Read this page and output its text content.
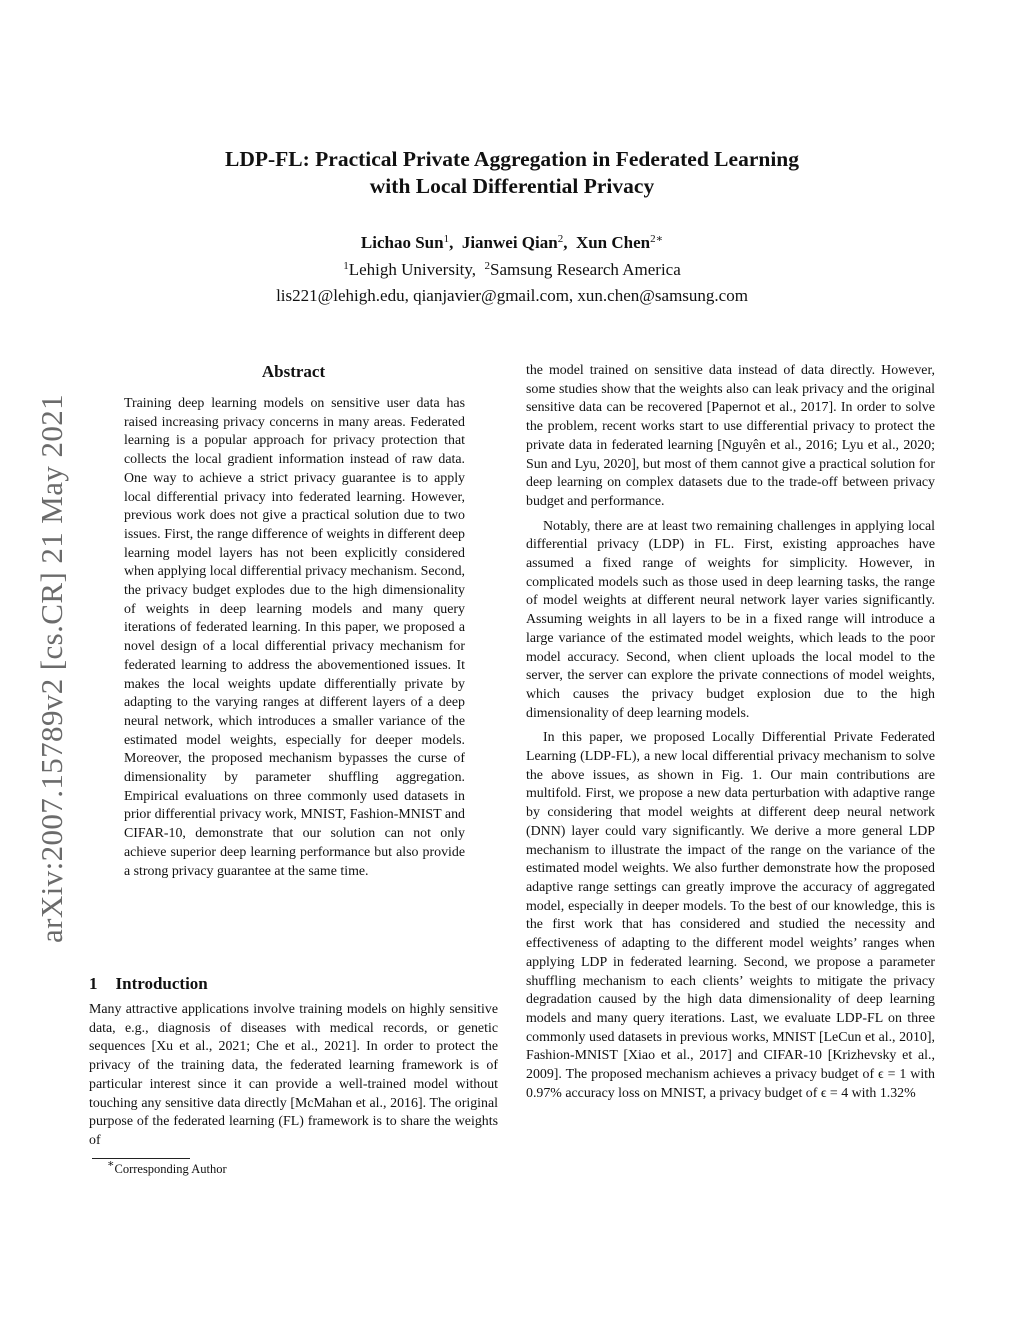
LDP-FL: Practical Private Aggregation in Federated Learning
with Local Differential Privacy
Lichao Sun$^1$,  Jianwei Qian$^2$,  Xun Chen$^{2∗}$
$^1$Lehigh University,  $^2$Samsung Research America
lis221@lehigh.edu, qianjavier@gmail.com, xun.chen@samsung.com
arXiv:2007.15789v2 [cs.CR] 21 May 2021
Abstract
Training deep learning models on sensitive user data has raised increasing privacy concerns in many areas. Federated learning is a popular approach for privacy protection that collects the local gradient information instead of raw data. One way to achieve a strict privacy guarantee is to apply local differential privacy into federated learning. However, previous work does not give a practical solution due to two issues. First, the range difference of weights in different deep learning model layers has not been explicitly considered when applying local differential privacy mechanism. Second, the privacy budget explodes due to the high dimensionality of weights in deep learning models and many query iterations of federated learning. In this paper, we proposed a novel design of a local differential privacy mechanism for federated learning to address the abovementioned issues. It makes the local weights update differentially private by adapting to the varying ranges at different layers of a deep neural network, which introduces a smaller variance of the estimated model weights, especially for deeper models. Moreover, the proposed mechanism bypasses the curse of dimensionality by parameter shuffling aggregation. Empirical evaluations on three commonly used datasets in prior differential privacy work, MNIST, Fashion-MNIST and CIFAR-10, demonstrate that our solution can not only achieve superior deep learning performance but also provide a strong privacy guarantee at the same time.
1 Introduction
Many attractive applications involve training models on highly sensitive data, e.g., diagnosis of diseases with medical records, or genetic sequences [Xu et al., 2021; Che et al., 2021]. In order to protect the privacy of the training data, the federated learning framework is of particular interest since it can provide a well-trained model without touching any sensitive data directly [McMahan et al., 2016]. The original purpose of the federated learning (FL) framework is to share the weights of
∗Corresponding Author

the model trained on sensitive data instead of data directly. However, some studies show that the weights also can leak privacy and the original sensitive data can be recovered [Papernot et al., 2017]. In order to solve the problem, recent works start to use differential privacy to protect the private data in federated learning [Nguyên et al., 2016; Lyu et al., 2020; Sun and Lyu, 2020], but most of them cannot give a practical solution for deep learning on complex datasets due to the trade-off between privacy budget and performance.

Notably, there are at least two remaining challenges in applying local differential privacy (LDP) in FL. First, existing approaches have assumed a fixed range of weights for simplicity. However, in complicated models such as those used in deep learning tasks, the range of model weights at different neural network layer varies significantly. Assuming weights in all layers to be in a fixed range will introduce a large variance of the estimated model weights, which leads to the poor model accuracy. Second, when client uploads the local model to the server, the server can explore the private connections of model weights, which causes the privacy budget explosion due to the high dimensionality of deep learning models.

In this paper, we proposed Locally Differential Private Federated Learning (LDP-FL), a new local differential privacy mechanism to solve the above issues, as shown in Fig. 1. Our main contributions are multifold. First, we propose a new data perturbation with adaptive range by considering that model weights at different deep neural network (DNN) layer could vary significantly. We derive a more general LDP mechanism to illustrate the impact of the range on the variance of the estimated model weights. We also further demonstrate how the proposed adaptive range settings can greatly improve the accuracy of aggregated model, especially in deeper models. To the best of our knowledge, this is the first work that has considered and studied the necessity and effectiveness of adapting to the different model weights’ ranges when applying LDP in federated learning. Second, we propose a parameter shuffling mechanism to each clients’ weights to mitigate the privacy degradation caused by the high data dimensionality of deep learning models and many query iterations. Last, we evaluate LDP-FL on three commonly used datasets in previous works, MNIST [LeCun et al., 2010], Fashion-MNIST [Xiao et al., 2017] and CIFAR-10 [Krizhevsky et al., 2009]. The proposed mechanism achieves a privacy budget of ϵ = 1 with 0.97% accuracy loss on MNIST, a privacy budget of ϵ = 4 with 1.32%
